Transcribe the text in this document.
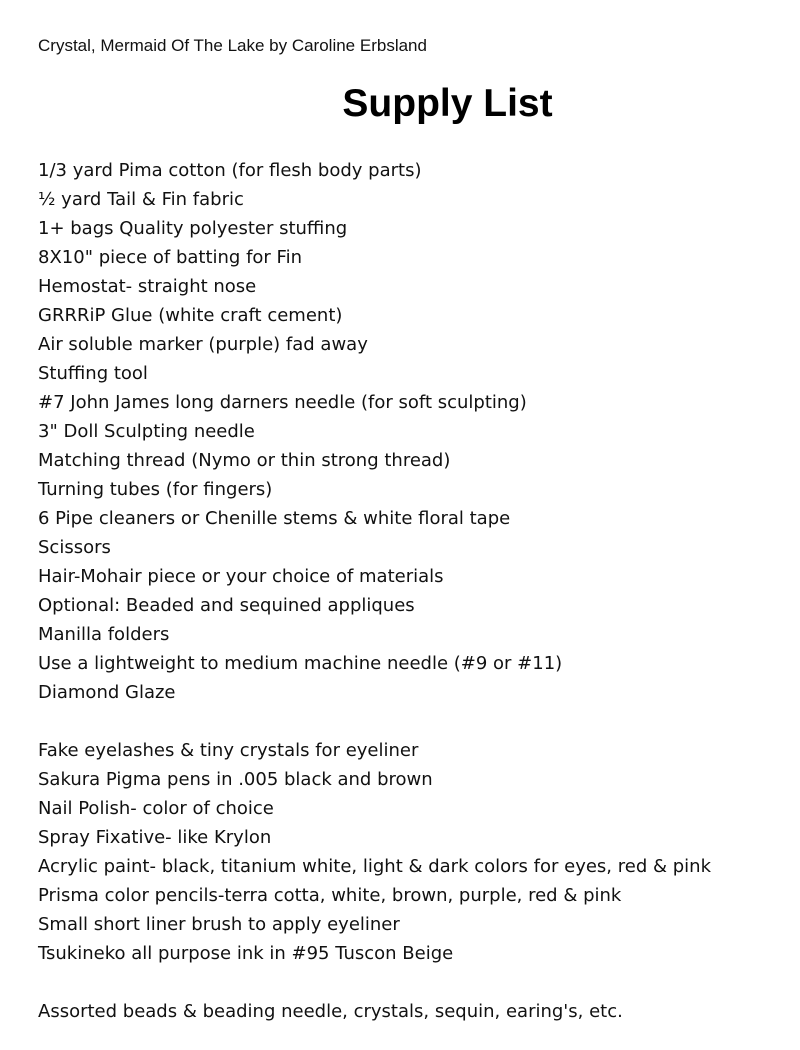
Crystal, Mermaid Of The Lake by Caroline Erbsland
Supply List
1/3 yard Pima cotton (for flesh body parts)
½ yard Tail & Fin fabric
1+ bags Quality polyester stuffing
8X10" piece of batting for Fin
Hemostat- straight nose
GRRRiP Glue (white craft cement)
Air soluble marker (purple) fad away
Stuffing tool
#7 John James long darners needle (for soft sculpting)
3" Doll Sculpting needle
Matching thread (Nymo or thin strong thread)
Turning tubes (for fingers)
6 Pipe cleaners or Chenille stems & white floral tape
Scissors
Hair-Mohair piece or your choice of materials
Optional: Beaded and sequined appliques
Manilla folders
Use a lightweight to medium machine needle (#9 or #11)
Diamond Glaze
Fake eyelashes & tiny crystals for eyeliner
Sakura Pigma pens in .005 black and brown
Nail Polish- color of choice
Spray Fixative- like Krylon
Acrylic paint- black, titanium white, light & dark colors for eyes, red & pink
Prisma color pencils-terra cotta, white, brown, purple, red & pink
Small short liner brush to apply eyeliner
Tsukineko all purpose ink in #95 Tuscon Beige
Assorted beads & beading needle, crystals, sequin, earing's, etc.
